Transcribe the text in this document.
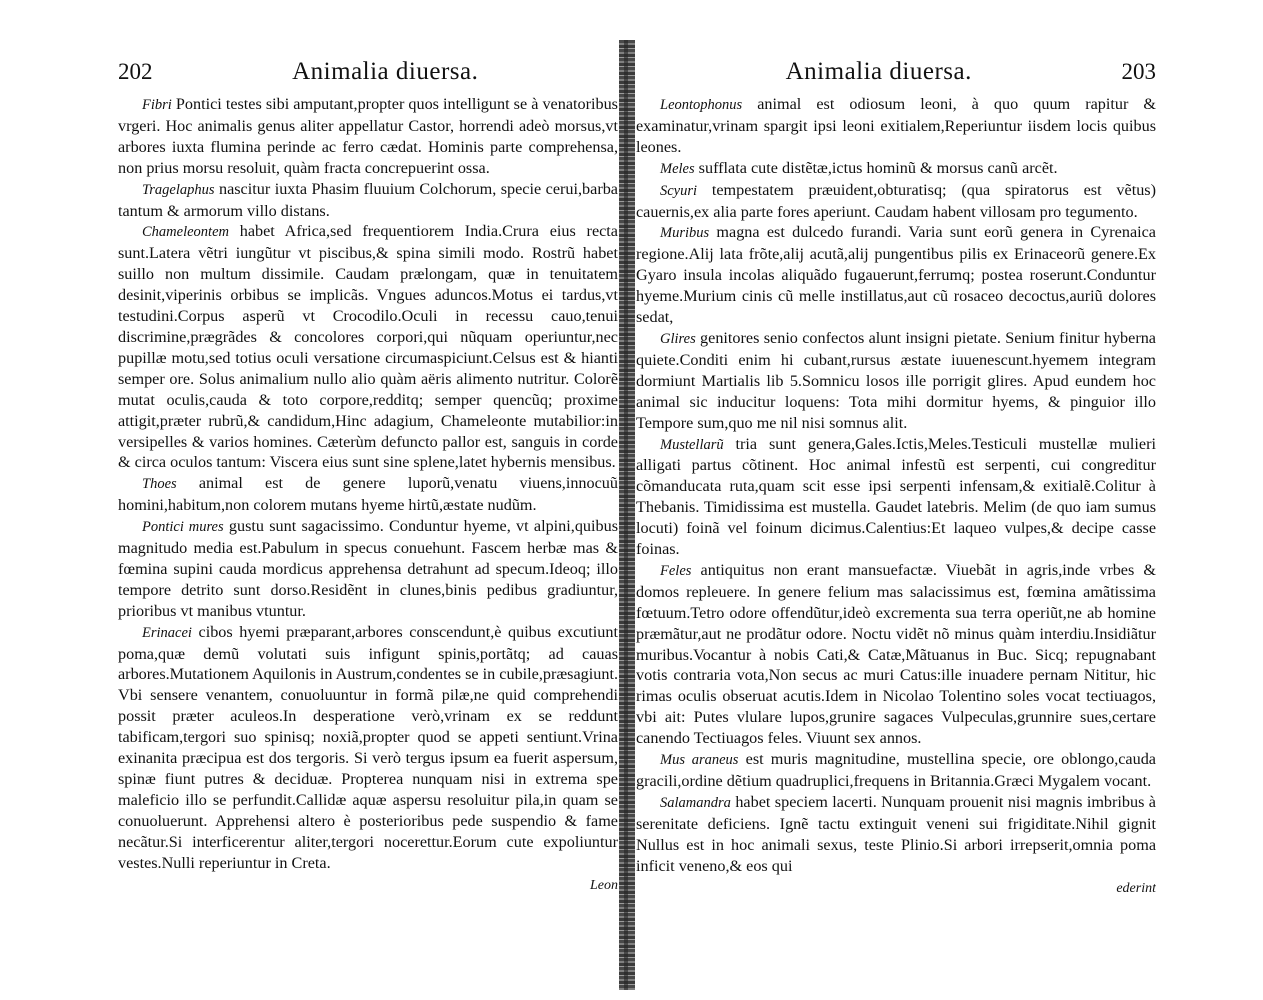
202	Animalia diuersa.

Fibri Pontici testes sibi amputant,propter quos intelligunt se à venatoribus vrgeri. Hoc animalis genus aliter appellatur Castor, horrendi adeò morsus,vt arbores iuxta flumina perinde ac ferro cædat. Hominis parte comprehensa, non prius morsu resoluit, quàm fracta concrepuerint ossa.

Tragelaphus nascitur iuxta Phasim fluuium Colchorum, specie cerui,barba tantum & armorum villo distans.

Chameleontem habet Africa,sed frequentiorem India.Crura eius recta sunt.Latera vẽtri iungũtur vt piscibus,& spina simili modo. Rostrũ habet suillo non multum dissimile. Caudam prælongam, quæ in tenuitatem desinit,viperinis orbibus se implicãs. Vngues aduncos.Motus ei tardus,vt testudini.Corpus asperũ vt Crocodilo.Oculi in recessu cauo,tenui discrimine,prægrãdes & concolores corpori,qui nũquam operiuntur,nec pupillæ motu,sed totius oculi versatione circumaspiciunt.Celsus est & hianti semper ore. Solus animalium nullo alio quàm aëris alimento nutritur. Colorẽ mutat oculis,cauda & toto corpore,redditq; semper quencũq; proxime attigit,præter rubrũ,& candidum,Hinc adagium, Chameleonte mutabilior:in versipelles & varios homines. Cæterùm defuncto pallor est, sanguis in corde & circa oculos tantum: Viscera eius sunt sine splene,latet hybernis mensibus.

Thoes animal est de genere luporũ,venatu viuens,innocuũ homini,habitum,non colorem mutans hyeme hirtũ,æstate nudũm.

Pontici mures gustu sunt sagacissimo. Conduntur hyeme, vt alpini,quibus magnitudo media est.Pabulum in specus conuehunt. Fascem herbæ mas & fœmina supini cauda mordicus apprehensa detrahunt ad specum.Ideoq; illo tempore detrito sunt dorso.Residẽnt in clunes,binis pedibus gradiuntur, prioribus vt manibus vtuntur.

Erinacei cibos hyemi præparant,arbores conscendunt,è quibus excutiunt poma,quæ demũ volutati suis infigunt spinis,portãtq; ad cauas arbores.Mutationem Aquilonis in Austrum,condentes se in cubile,præsagiunt. Vbi sensere venantem, conuoluuntur in formã pilæ,ne quid comprehendi possit præter aculeos.In desperatione verò,vrinam ex se reddunt tabificam,tergori suo spinisq; noxiã,propter quod se appeti sentiunt.Vrina exinanita præcipua est dos tergoris. Si verò tergus ipsum ea fuerit aspersum, spinæ fiunt putres & deciduæ. Propterea nunquam nisi in extrema spe maleficio illo se perfundit.Callidæ aquæ aspersu resoluitur pila,in quam se conuoluerunt. Apprehensi altero è posterioribus pede suspendio & fame necãtur.Si interficerentur aliter,tergori nocerettur.Eorum cute expoliuntur vestes.Nulli reperiuntur in Creta.

Leon
Animalia diuersa.	203

Leontophonus animal est odiosum leoni, à quo quum rapitur & examinatur,vrinam spargit ipsi leoni exitialem,Reperiuntur iisdem locis quibus leones.

Meles sufflata cute distẽtæ,ictus hominũ & morsus canũ arcẽt.

Scyuri tempestatem præuident,obturatisq; (qua spiratorus est vẽtus) cauernis,ex alia parte fores aperiunt. Caudam habent villosam pro tegumento.

Muribus magna est dulcedo furandi. Varia sunt eorũ genera in Cyrenaica regione.Alij lata frõte,alij acutã,alij pungentibus pilis ex Erinaceorũ genere.Ex Gyaro insula incolas aliquãdo fugauerunt,ferrumq; postea roserunt.Conduntur hyeme.Murium cinis cũ melle instillatus,aut cũ rosaceo decoctus,auriũ dolores sedat,

Glires genitores senio confectos alunt insigni pietate. Senium finitur hyberna quiete.Conditi enim hi cubant,rursus æstate iuuenescunt.hyemem integram dormiunt Martialis lib 5.Somnicu losos ille porrigit glires. Apud eundem hoc animal sic inducitur loquens: Tota mihi dormitur hyems, & pinguior illo Tempore sum,quo me nil nisi somnus alit.

Mustellarũ tria sunt genera,Gales.Ictis,Meles.Testiculi mustellæ mulieri alligati partus cõtinent. Hoc animal infestũ est serpenti, cui congreditur cõmanducata ruta,quam scit esse ipsi serpenti infensam,& exitialẽ.Colitur à Thebanis. Timidissima est mustella. Gaudet latebris. Melim (de quo iam sumus locuti) foinã vel foinum dicimus.Calentius:Et laqueo vulpes,& decipe casse foinas.

Feles antiquitus non erant mansuefactæ. Viuebãt in agris,inde vrbes & domos repleuere. In genere felium mas salacissimus est, fœmina amãtissima fœtuum.Tetro odore offendũtur,ideò excrementa sua terra operiũt,ne ab homine præmãtur,aut ne prodãtur odore. Noctu vidẽt nõ minus quàm interdiu.Insidiãtur muribus.Vocantur à nobis Cati,& Catæ,Mãtuanus in Buc. Sicq; repugnabant votis contraria vota,Non secus ac muri Catus:ille inuadere pernam Nititur, hic rimas oculis obseruat acutis.Idem in Nicolao Tolentino soles vocat tectiuagos, vbi ait: Putes vlulare lupos,grunire sagaces Vulpeculas,grunnire sues,certare canendo Tectiuagos feles. Viuunt sex annos.

Mus araneus est muris magnitudine, mustellina specie, ore oblongo,cauda gracili,ordine dẽtium quadruplici,frequens in Britannia.Græci Mygalem vocant.

Salamandra habet speciem lacerti. Nunquam prouenit nisi magnis imbribus à serenitate deficiens. Ignẽ tactu extinguit veneni sui frigiditate.Nihil gignit Nullus est in hoc animali sexus, teste Plinio.Si arbori irrepserit,omnia poma inficit veneno,& eos qui

ederint
